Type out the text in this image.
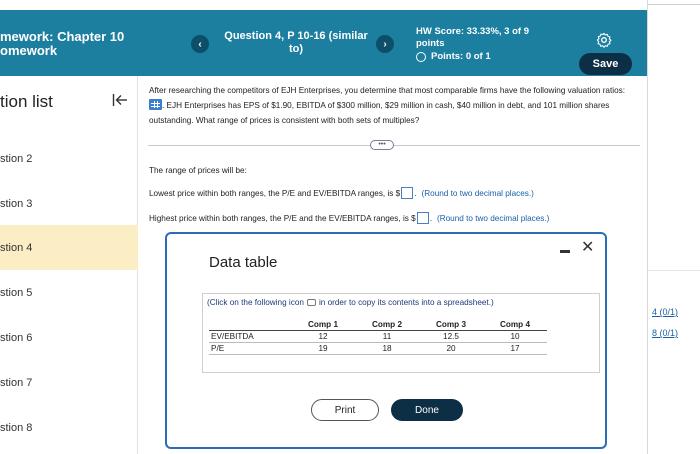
mework: Chapter 10
omework	‹
Question 4, P 10-16 (similar to)	›
HW Score: 33.33%, 3 of 9
points
Points: 0 of 1
Save
tion list
stion 2
stion 3
stion 4
stion 5
stion 6
stion 7
stion 8
After researching the competitors of EJH Enterprises, you determine that most comparable firms have the following valuation ratios: . EJH Enterprises has EPS of $1.90, EBITDA of $300 million, $29 million in cash, $40 million in debt, and 101 million shares outstanding. What range of prices is consistent with both sets of multiples?
•••
The range of prices will be:
Lowest price within both ranges, the P/E and EV/EBITDA ranges, is $ . (Round to two decimal places.)
Highest price within both ranges, the P/E and the EV/EBITDA ranges, is $ . (Round to two decimal places.)
4 (0/1)
8 (0/1)
Data table
✕
(Click on the following icon in order to copy its contents into a spreadsheet.)
	Comp 1	Comp 2	Comp 3	Comp 4
EV/EBITDA	12	11	12.5	10
P/E	19	18	20	17
Print	Done
